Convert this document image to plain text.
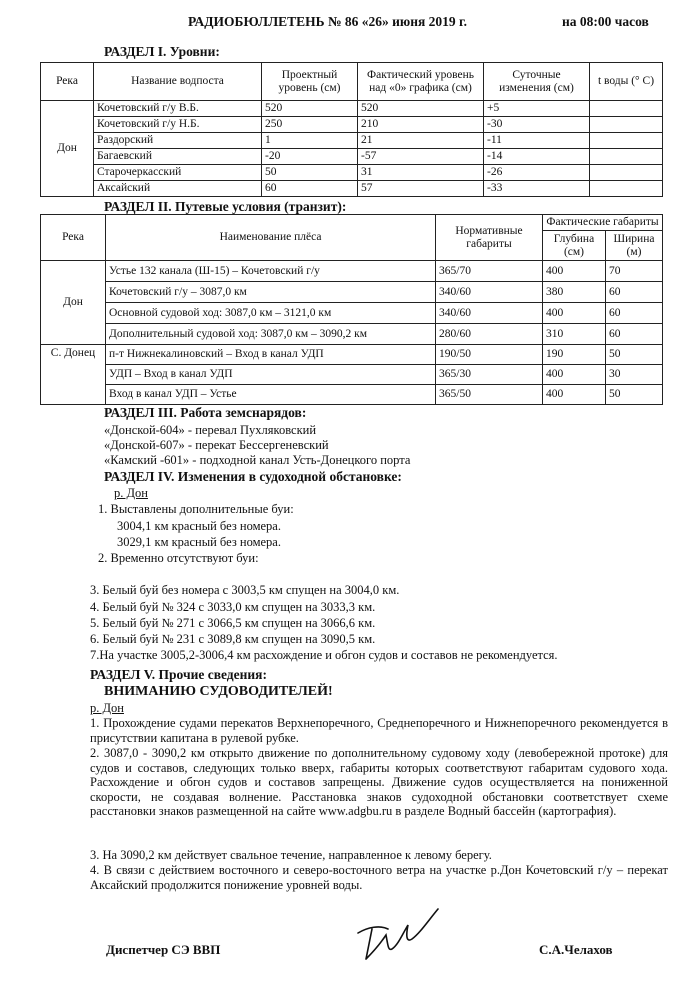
РАДИОБЮЛЛЕТЕНЬ № 86 «26» июня 2019 г.	на 08:00 часов
РАЗДЕЛ I. Уровни:
Река	Название водпоста	Проектный уровень (см)	Фактический уровень над «0» графика (см)	Суточные изменения (см)	t воды (° С)
Дон	Кочетовский г/у В.Б.	520	520	+5	
	Кочетовский г/у Н.Б.	250	210	-30	
	Раздорский	1	21	-11	
	Багаевский	-20	-57	-14	
	Старочеркасский	50	31	-26	
	Аксайский	60	57	-33	
РАЗДЕЛ II. Путевые условия (транзит):
Река	Наименование плёса	Нормативные габариты	Фактические габариты	
			Глубина (см)	Ширина (м)
Дон	Устье 132 канала (Ш-15) – Кочетовский г/у	365/70	400	70
	Кочетовский г/у – 3087,0 км	340/60	380	60
	Основной судовой ход: 3087,0 км – 3121,0 км	340/60	400	60
	Дополнительный судовой ход: 3087,0 км – 3090,2 км	280/60	310	60
С. Донец	п-т Нижнекалиновский – Вход в канал УДП	190/50	190	50
	УДП – Вход в канал УДП	365/30	400	30
	Вход в канал УДП – Устье	365/50	400	50
РАЗДЕЛ III. Работа земснарядов:
«Донской-604» - перевал Пухляковский
«Донской-607» - перекат Бессергеневский
«Камский -601» - подходной канал Усть-Донецкого порта
РАЗДЕЛ IV. Изменения в судоходной обстановке:
р. Дон
1. Выставлены дополнительные буи:
3004,1 км красный без номера.
3029,1 км красный без номера.
2. Временно отсутствуют буи:
3. Белый буй без номера с 3003,5 км спущен на 3004,0 км.
4. Белый буй № 324 с 3033,0 км спущен на 3033,3 км.
5. Белый буй № 271 с 3066,5 км спущен на 3066,6 км.
6. Белый буй № 231 с 3089,8 км спущен на 3090,5 км.
7.На участке 3005,2-3006,4 км расхождение и обгон судов и составов не рекомендуется.
РАЗДЕЛ V. Прочие сведения:
ВНИМАНИЮ СУДОВОДИТЕЛЕЙ!
р. Дон
1. Прохождение судами перекатов Верхнепоречного, Среднепоречного и Нижнепоречного рекомендуется в присутствии капитана в рулевой рубке.
2. 3087,0 - 3090,2 км открыто движение по дополнительному судовому ходу (левобережной протоке) для судов и составов, следующих только вверх, габариты которых соответствуют габаритам судового хода. Расхождение и обгон судов и составов запрещены. Движение судов осуществляется на пониженной скорости, не создавая волнение. Расстановка знаков судоходной обстановки соответствует схеме расстановки знаков размещенной на сайте www.adgbu.ru в разделе Водный бассейн (картография).
3. На 3090,2 км действует свальное течение, направленное к левому берегу.
4. В связи с действием восточного и северо-восточного ветра на участке р.Дон Кочетовский г/у – перекат Аксайский продолжится понижение уровней воды.
Диспетчер СЭ ВВП	С.А.Челахов
